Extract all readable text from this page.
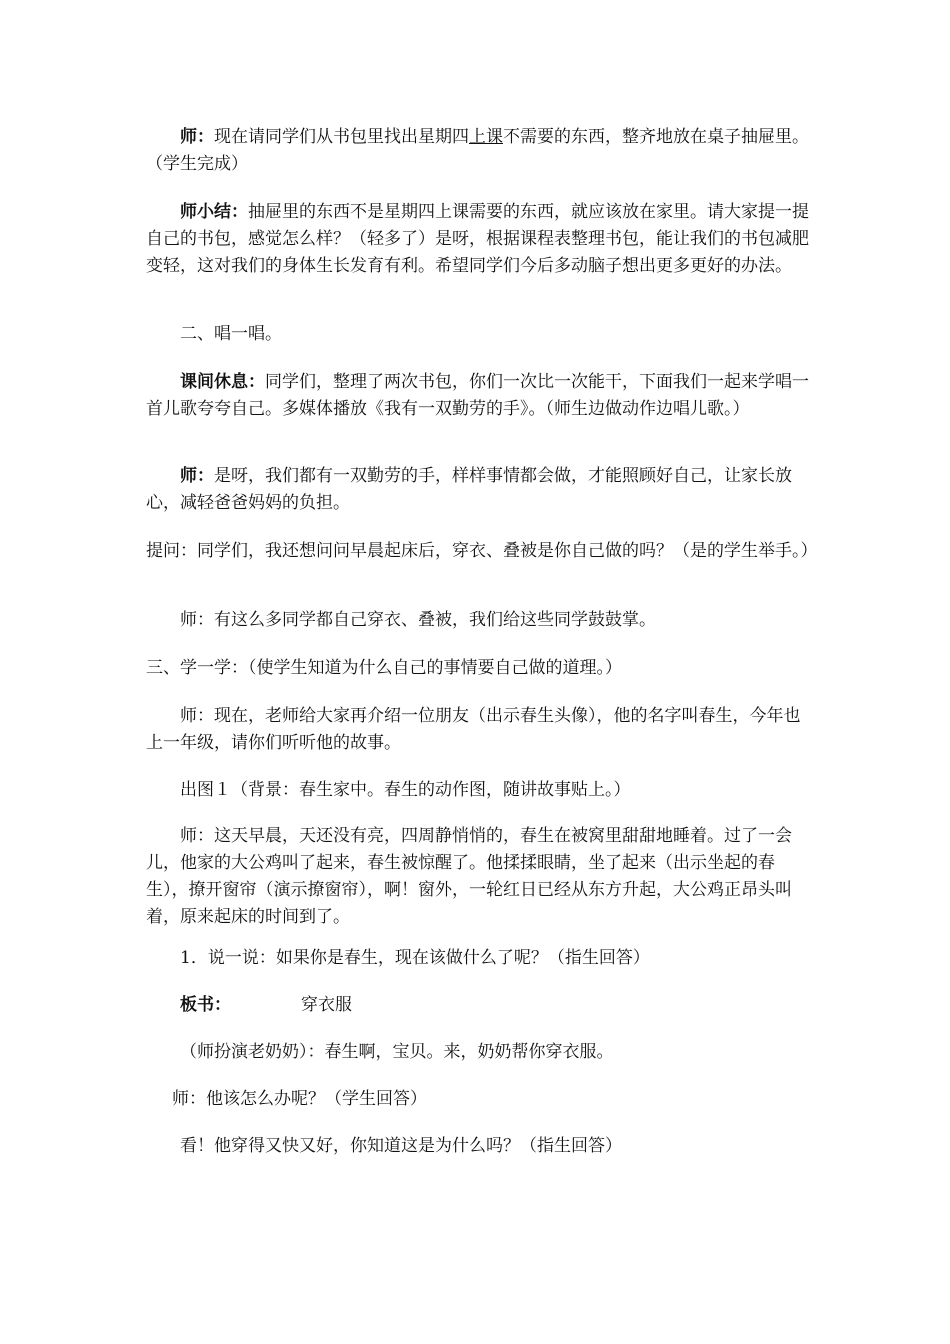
师：现在请同学们从书包里找出星期四上课不需要的东西，整齐地放在桌子抽屉里。（学生完成）

师小结：抽屉里的东西不是星期四上课需要的东西，就应该放在家里。请大家提一提自己的书包，感觉怎么样？（轻多了）是呀，根据课程表整理书包，能让我们的书包减肥变轻，这对我们的身体生长发育有利。希望同学们今后多动脑子想出更多更好的办法。

二、唱一唱。

课间休息：同学们，整理了两次书包，你们一次比一次能干，下面我们一起来学唱一首儿歌夸夸自己。多媒体播放《我有一双勤劳的手》。（师生边做动作边唱儿歌。）

师：是呀，我们都有一双勤劳的手，样样事情都会做，才能照顾好自己，让家长放心，减轻爸爸妈妈的负担。

提问：同学们，我还想问问早晨起床后，穿衣、叠被是你自己做的吗？（是的学生举手。）

师：有这么多同学都自己穿衣、叠被，我们给这些同学鼓鼓掌。

三、学一学：（使学生知道为什么自己的事情要自己做的道理。）

师：现在，老师给大家再介绍一位朋友（出示春生头像），他的名字叫春生，今年也上一年级，请你们听听他的故事。

出图１（背景：春生家中。春生的动作图，随讲故事贴上。）

师：这天早晨，天还没有亮，四周静悄悄的，春生在被窝里甜甜地睡着。过了一会儿，他家的大公鸡叫了起来，春生被惊醒了。他揉揉眼睛，坐了起来（出示坐起的春生），撩开窗帘（演示撩窗帘），啊！窗外，一轮红日已经从东方升起，大公鸡正昂头叫着，原来起床的时间到了。

1．说一说：如果你是春生，现在该做什么了呢？（指生回答）

板书：	穿衣服

（师扮演老奶奶）：春生啊，宝贝。来，奶奶帮你穿衣服。

师：他该怎么办呢？（学生回答）

看！他穿得又快又好，你知道这是为什么吗？（指生回答）
